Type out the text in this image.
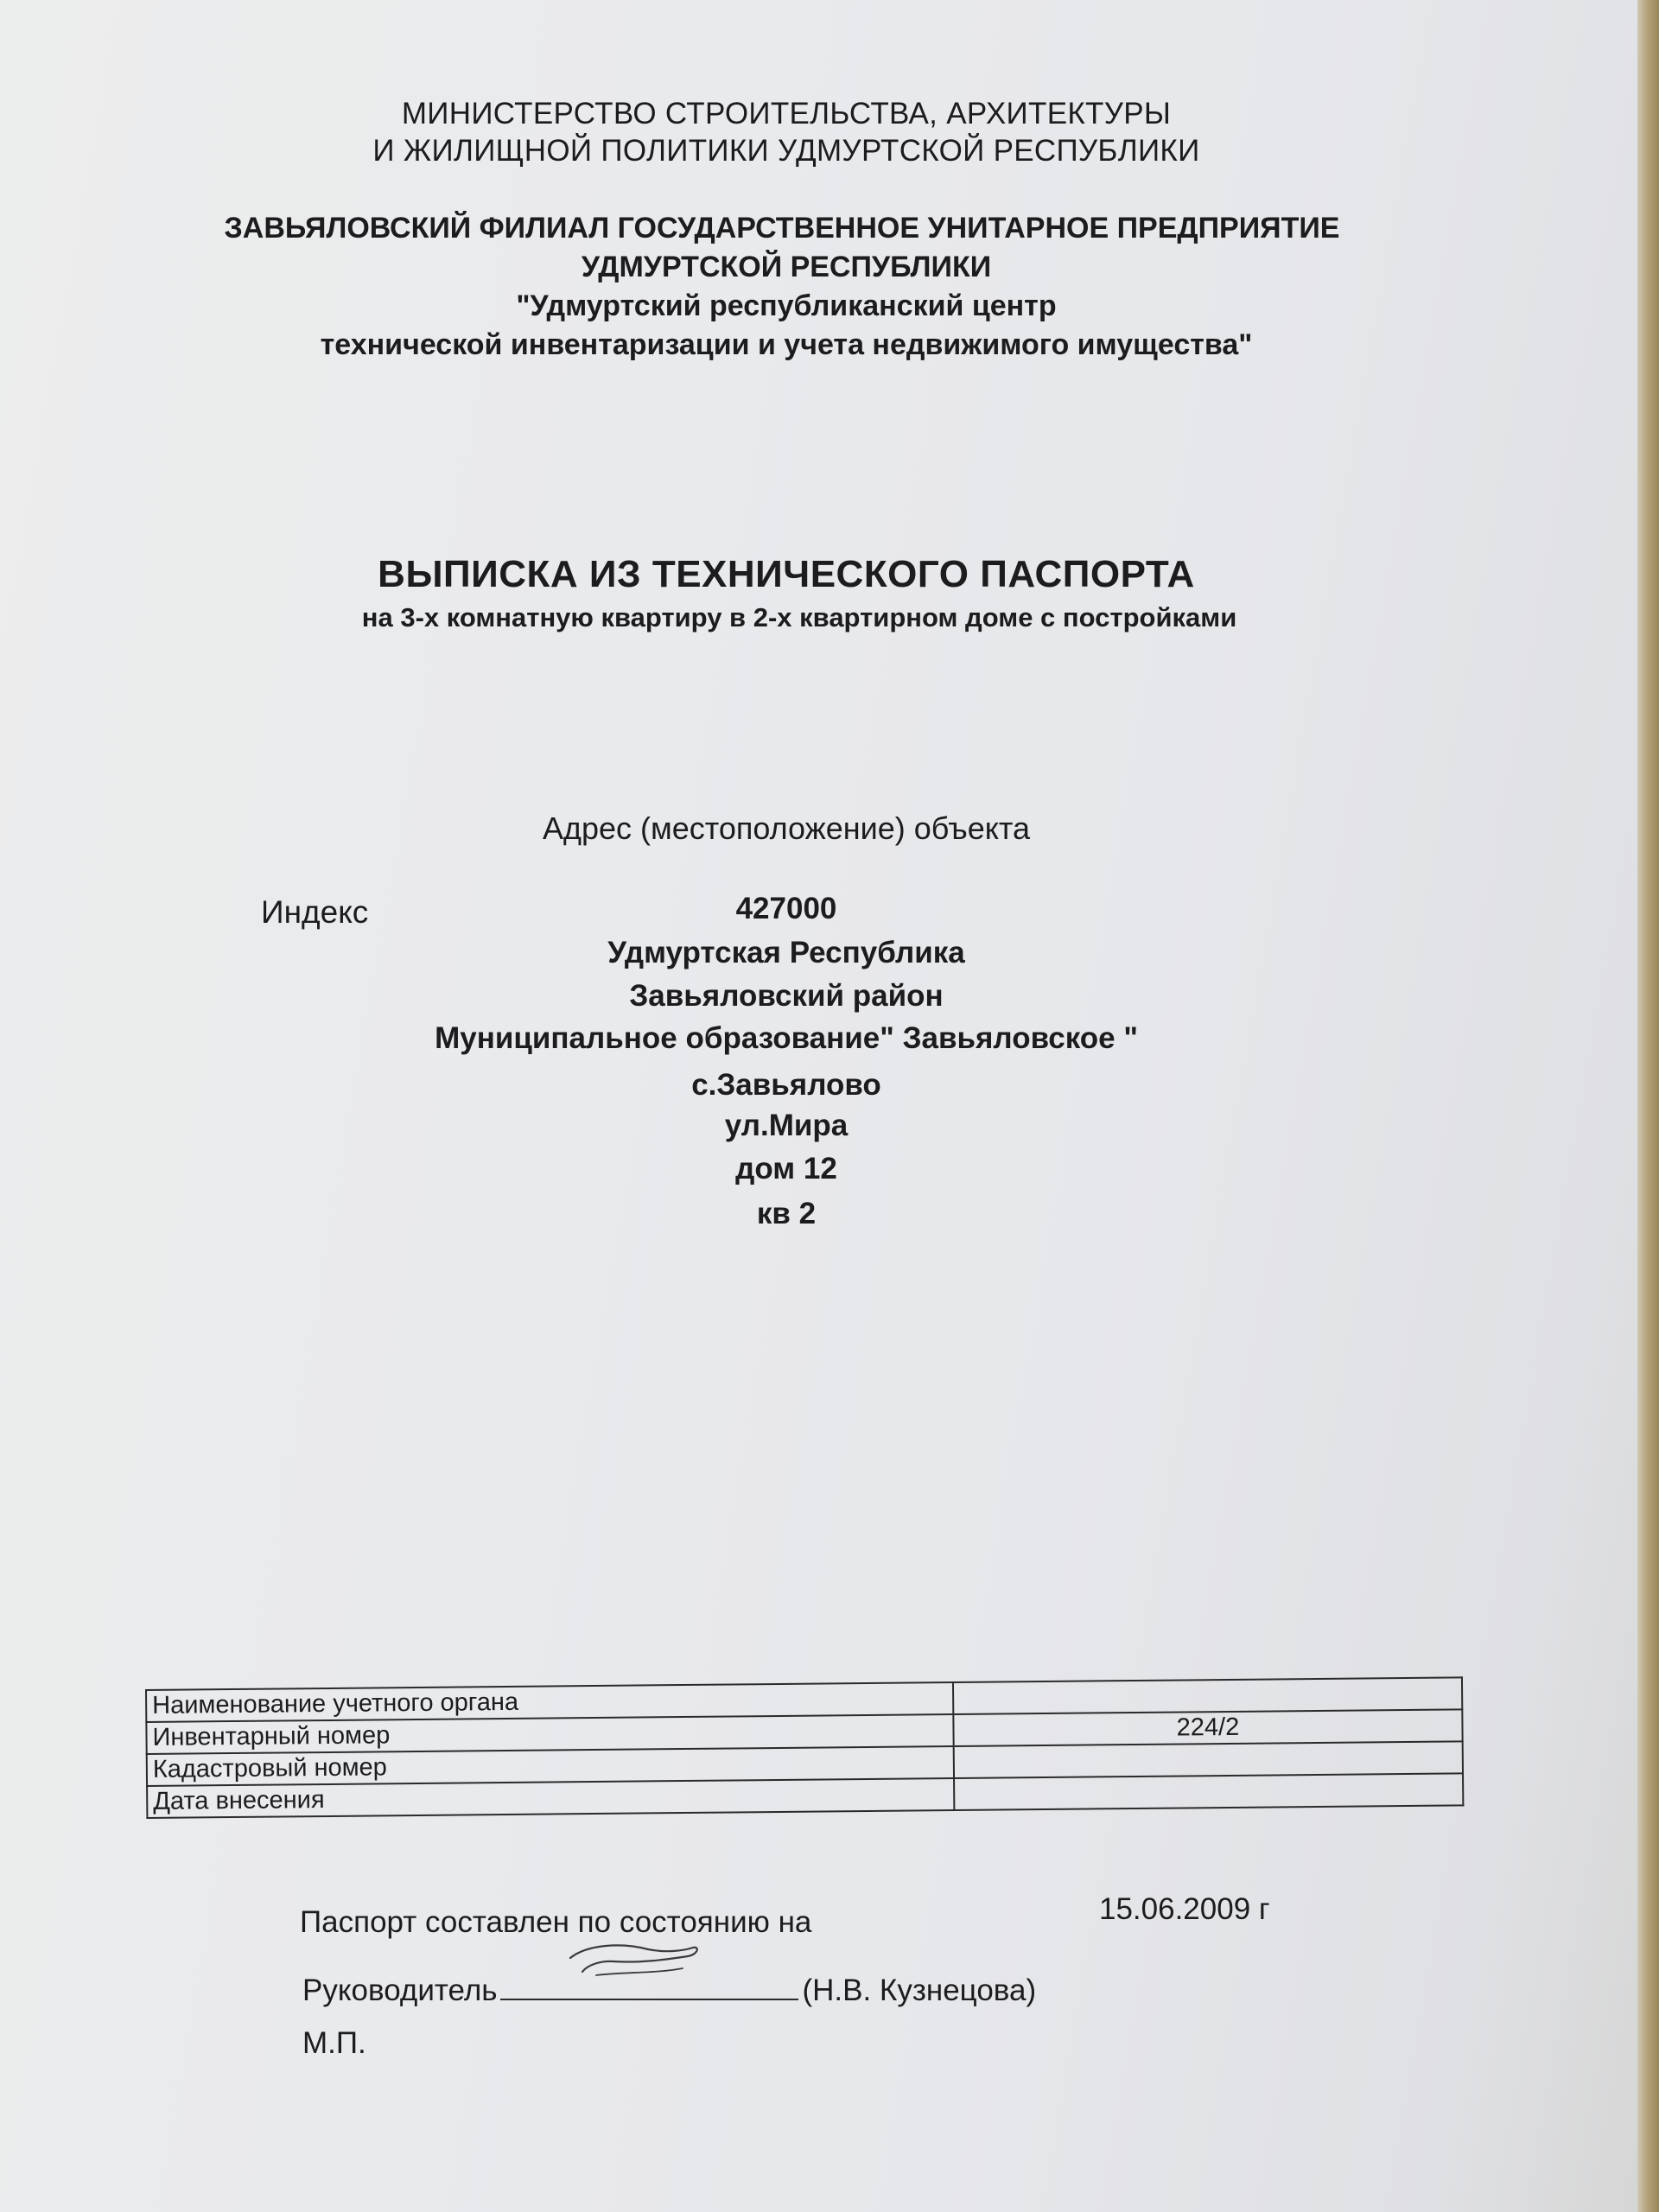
МИНИСТЕРСТВО СТРОИТЕЛЬСТВА, АРХИТЕКТУРЫ

И ЖИЛИЩНОЙ ПОЛИТИКИ УДМУРТСКОЙ РЕСПУБЛИКИ

ЗАВЬЯЛОВСКИЙ ФИЛИАЛ ГОСУДАРСТВЕННОЕ УНИТАРНОЕ ПРЕДПРИЯТИЕ

УДМУРТСКОЙ РЕСПУБЛИКИ

"Удмуртский республиканский центр

технической инвентаризации и учета недвижимого имущества"

ВЫПИСКА ИЗ ТЕХНИЧЕСКОГО ПАСПОРТА

на 3-х комнатную квартиру в 2-х квартирном доме с постройками

Адрес (местоположение) объекта

Индекс	427000

Удмуртская Республика

Завьяловский район

Муниципальное образование" Завьяловское "

с.Завьялово

ул.Мира

дом 12

кв 2

Наименование учетного органа	
Инвентарный номер	224/2
Кадастровый номер	
Дата внесения	

Паспорт составлен по состоянию на	15.06.2009 г

Руководитель	(Н.В. Кузнецова)

М.П.
